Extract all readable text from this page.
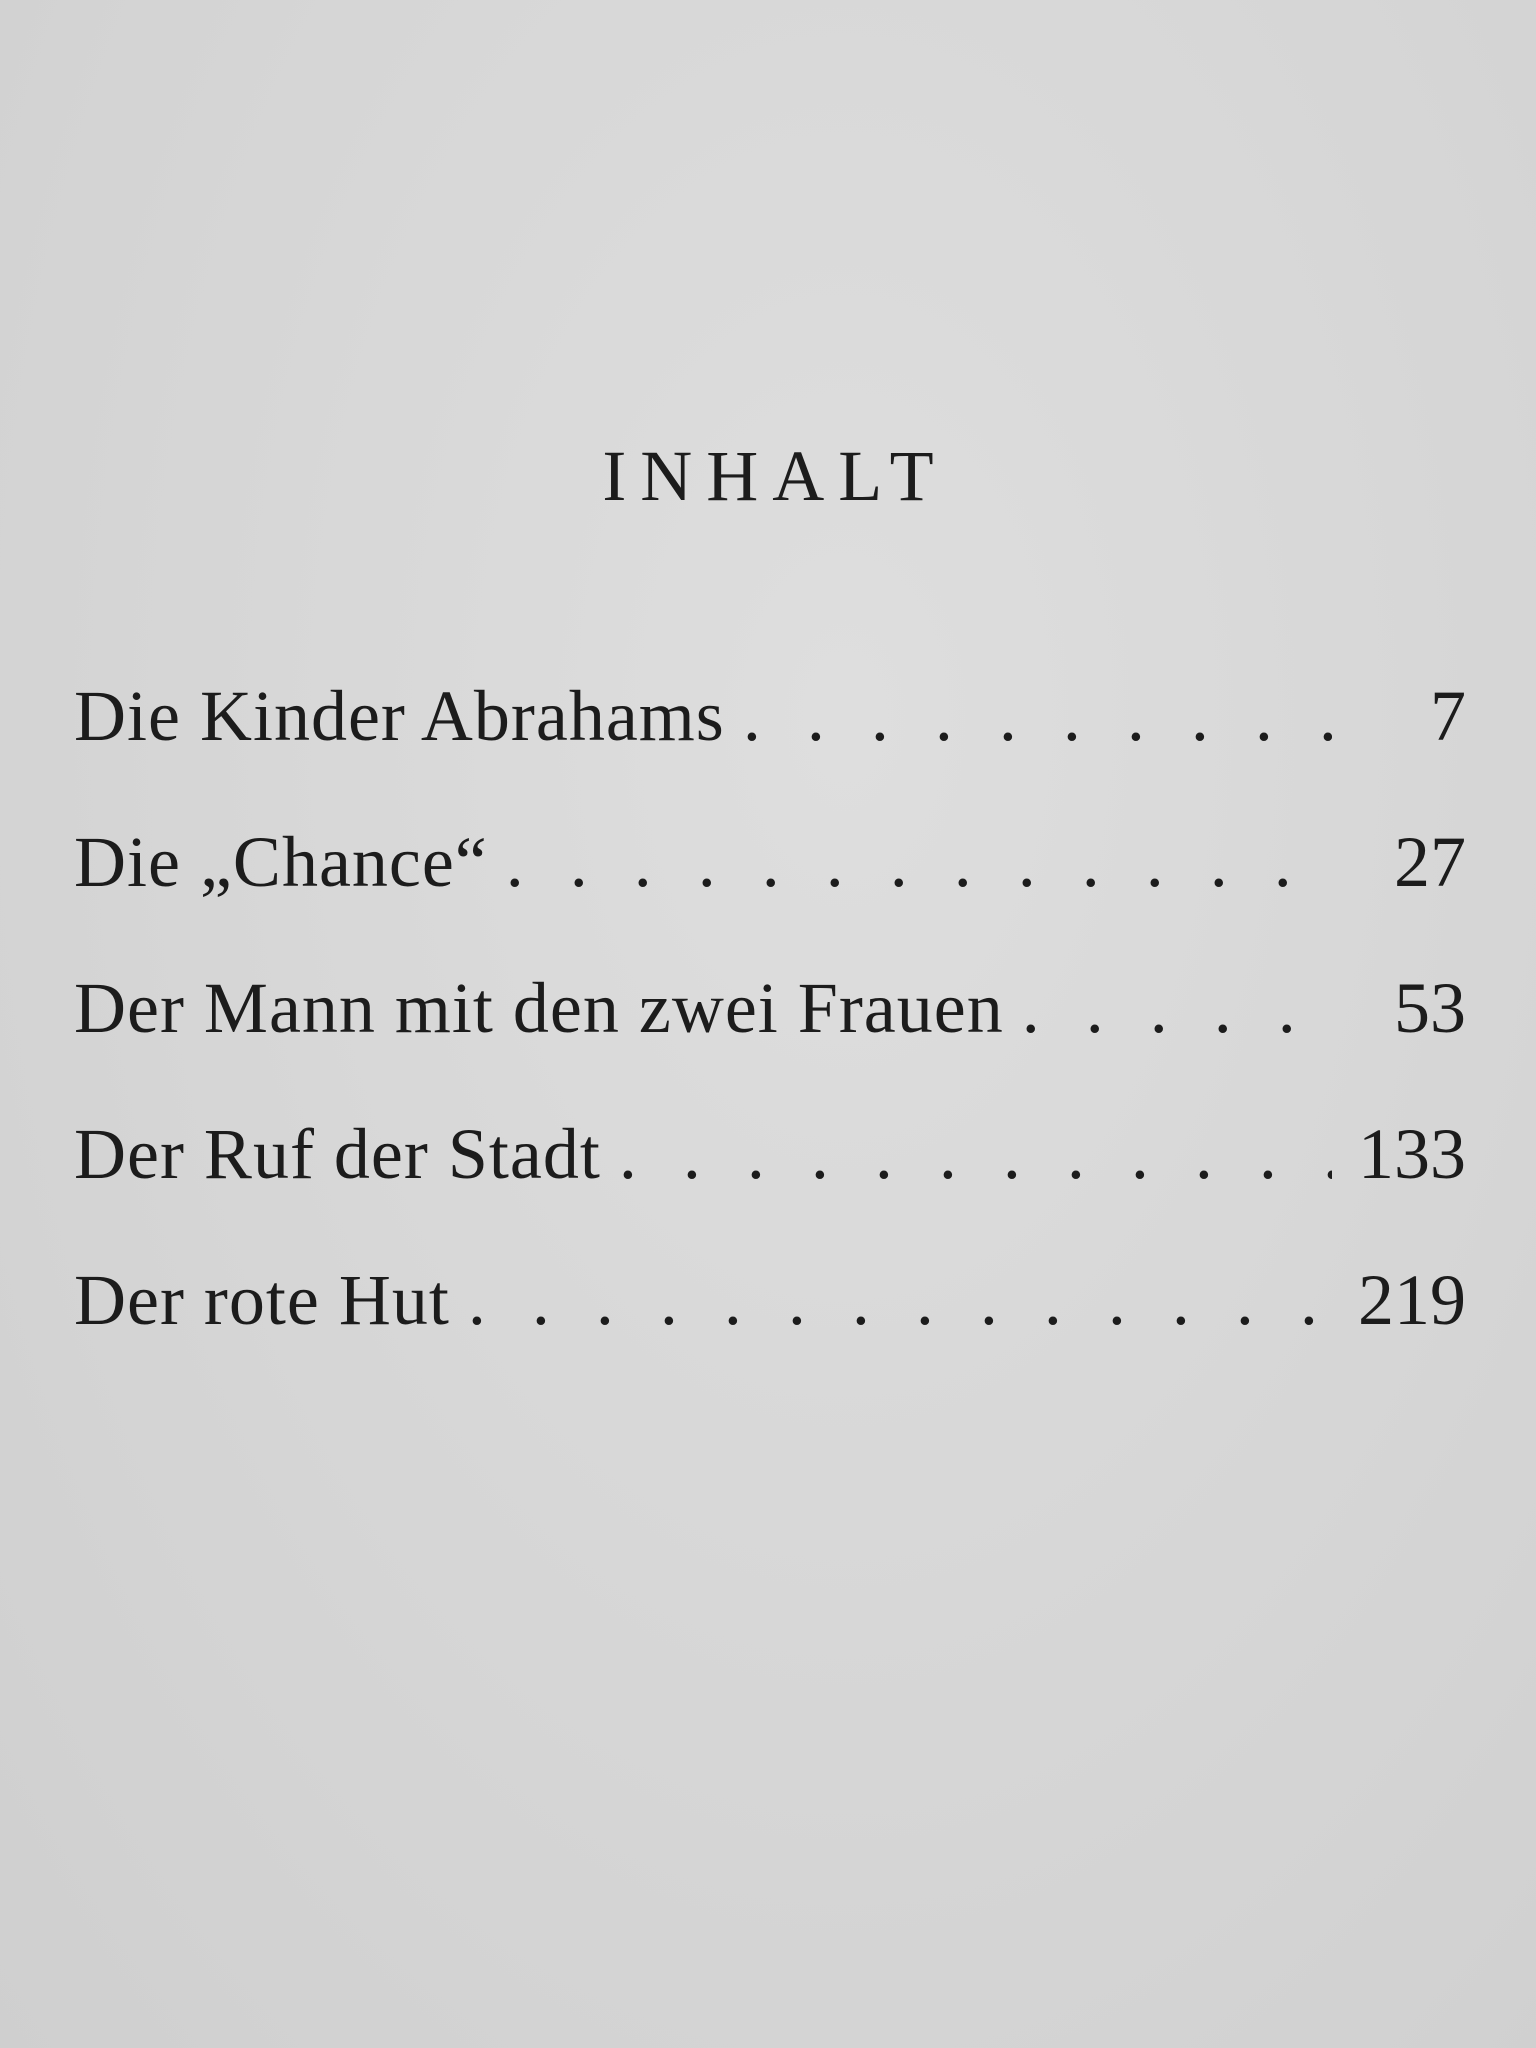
INHALT
Die Kinder Abrahams . . .	7
Die „Chance“ . . .	27
Der Mann mit den zwei Frauen . . .	53
Der Ruf der Stadt . . .	133
Der rote Hut . . .	219
